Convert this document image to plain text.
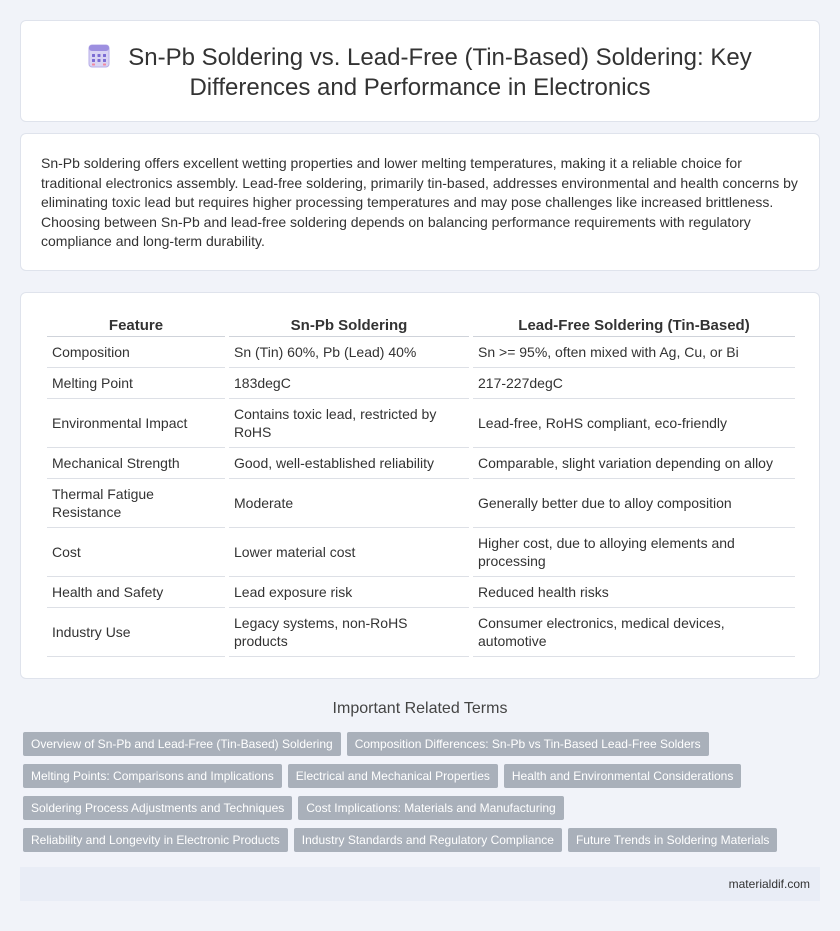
Sn-Pb Soldering vs. Lead-Free (Tin-Based) Soldering: Key Differences and Performance in Electronics

Sn-Pb soldering offers excellent wetting properties and lower melting temperatures, making it a reliable choice for traditional electronics assembly. Lead-free soldering, primarily tin-based, addresses environmental and health concerns by eliminating toxic lead but requires higher processing temperatures and may pose challenges like increased brittleness. Choosing between Sn-Pb and lead-free soldering depends on balancing performance requirements with regulatory compliance and long-term durability.

Feature	Sn-Pb Soldering	Lead-Free Soldering (Tin-Based)
Composition	Sn (Tin) 60%, Pb (Lead) 40%	Sn >= 95%, often mixed with Ag, Cu, or Bi
Melting Point	183degC	217-227degC
Environmental Impact	Contains toxic lead, restricted by RoHS	Lead-free, RoHS compliant, eco-friendly
Mechanical Strength	Good, well-established reliability	Comparable, slight variation depending on alloy
Thermal Fatigue Resistance	Moderate	Generally better due to alloy composition
Cost	Lower material cost	Higher cost, due to alloying elements and processing
Health and Safety	Lead exposure risk	Reduced health risks
Industry Use	Legacy systems, non-RoHS products	Consumer electronics, medical devices, automotive
Important Related Terms
Overview of Sn-Pb and Lead-Free (Tin-Based) Soldering Composition Differences: Sn-Pb vs Tin-Based Lead-Free Solders
Melting Points: Comparisons and Implications Electrical and Mechanical Properties Health and Environmental Considerations
Soldering Process Adjustments and Techniques Cost Implications: Materials and Manufacturing
Reliability and Longevity in Electronic Products Industry Standards and Regulatory Compliance Future Trends in Soldering Materials
materialdif.com
